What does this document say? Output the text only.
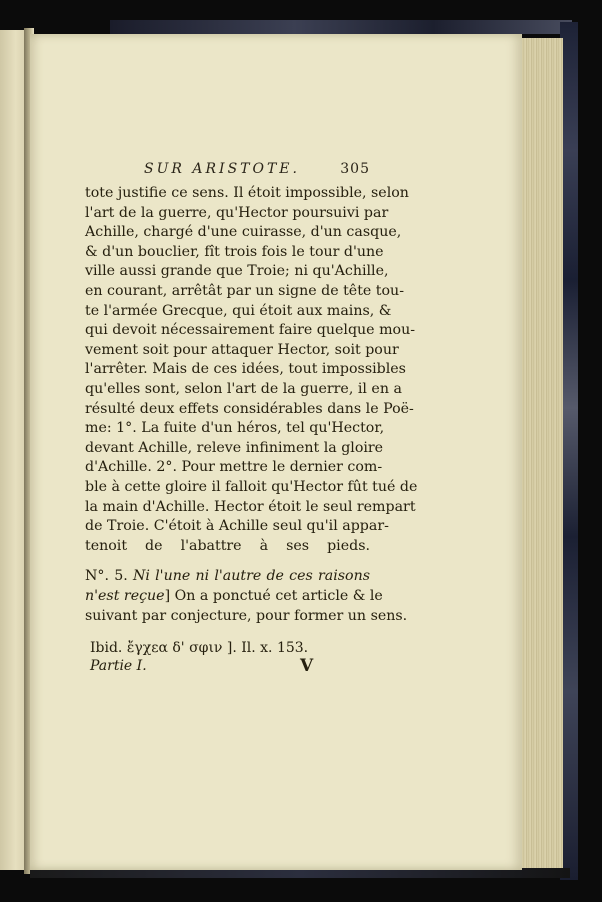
SUR ARISTOTE.	305
tote justifie ce sens. Il étoit impossible, selon
l'art de la guerre, qu'Hector poursuivi par
Achille, chargé d'une cuirasse, d'un casque,
& d'un bouclier, fît trois fois le tour d'une
ville aussi grande que Troie; ni qu'Achille,
en courant, arrêtât par un signe de tête tou-
te l'armée Grecque, qui étoit aux mains, &
qui devoit nécessairement faire quelque mou-
vement soit pour attaquer Hector, soit pour
l'arrêter. Mais de ces idées, tout impossibles
qu'elles sont, selon l'art de la guerre, il en a
résulté deux effets considérables dans le Poë-
me: 1°. La fuite d'un héros, tel qu'Hector,
devant Achille, releve infiniment la gloire
d'Achille. 2°. Pour mettre le dernier com-
ble à cette gloire il falloit qu'Hector fût tué de
la main d'Achille. Hector étoit le seul rempart
de Troie. C'étoit à Achille seul qu'il appar-
tenoit de l'abattre à ses pieds.
N°. 5. Ni l'une ni l'autre de ces raisons
n'est reçue] On a ponctué cet article & le
suivant par conjecture, pour former un sens.
Ibid. ἔγχεα δ' σφιν ]. Il. x. 153.
Partie I.	V
